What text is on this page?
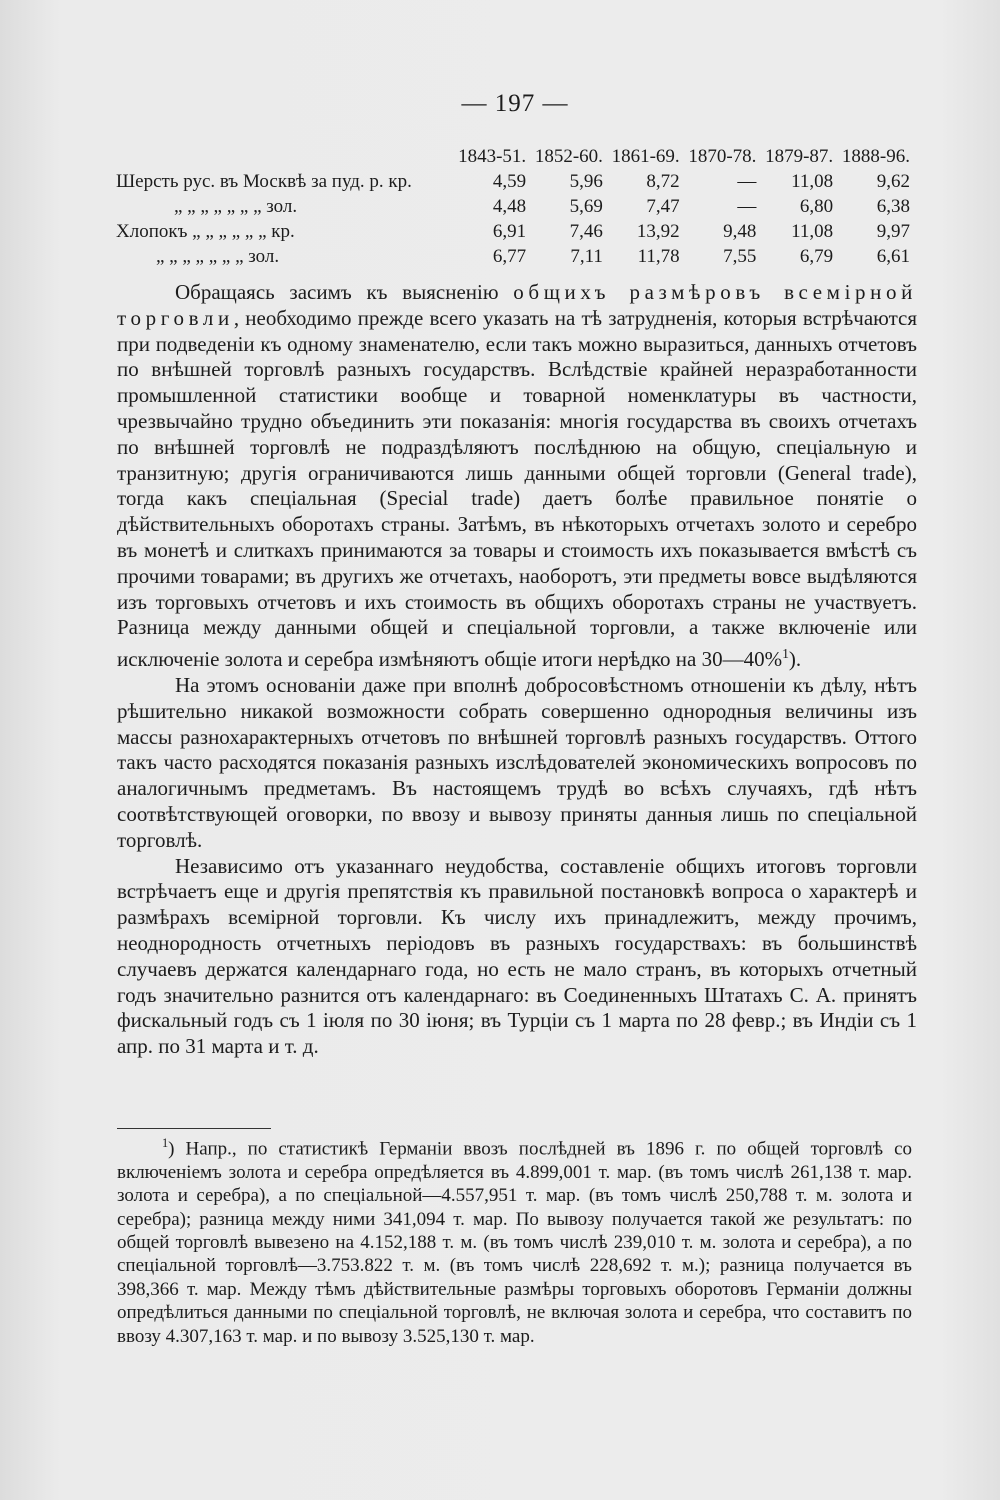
— 197 —
	1843-51.	1852-60.	1861-69.	1870-78.	1879-87.	1888-96.
Шерсть рус. въ Москвѣ за пуд. р. кр.	4,59	5,96	8,72	—	11,08	9,62
„ „ „ „ „ „ „ зол.	4,48	5,69	7,47	—	6,80	6,38
Хлопокъ „ „ „ „ „ „ кр.	6,91	7,46	13,92	9,48	11,08	9,97
„ „ „ „ „ „ „ зол.	6,77	7,11	11,78	7,55	6,79	6,61

Обращаясь засимъ къ выясненію общихъ размѣровъ всемірной торговли, необходимо прежде всего указать на тѣ затрудненія, которыя встрѣчаются при подведеніи къ одному знаменателю, если такъ можно выразиться, данныхъ отчетовъ по внѣшней торговлѣ разныхъ государствъ. Вслѣдствіе крайней неразработанности промышленной статистики вообще и товарной номенклатуры въ частности, чрезвычайно трудно объединить эти показанія: многія государства въ своихъ отчетахъ по внѣшней торговлѣ не подраздѣляютъ послѣднюю на общую, спеціальную и транзитную; другія ограничиваются лишь данными общей торговли (General trade), тогда какъ спеціальная (Special trade) даетъ болѣе правильное понятіе о дѣйствительныхъ оборотахъ страны. Затѣмъ, въ нѣкоторыхъ отчетахъ золото и серебро въ монетѣ и слиткахъ принимаются за товары и стоимость ихъ показывается вмѣстѣ съ прочими товарами; въ другихъ же отчетахъ, наоборотъ, эти предметы вовсе выдѣляются изъ торговыхъ отчетовъ и ихъ стоимость въ общихъ оборотахъ страны не участвуетъ. Разница между данными общей и спеціальной торговли, а также включеніе или исключеніе золота и серебра измѣняютъ общіе итоги нерѣдко на 30—40%$^1$).

На этомъ основаніи даже при вполнѣ добросовѣстномъ отношеніи къ дѣлу, нѣтъ рѣшительно никакой возможности собрать совершенно однородныя величины изъ массы разнохарактерныхъ отчетовъ по внѣшней торговлѣ разныхъ государствъ. Оттого такъ часто расходятся показанія разныхъ изслѣдователей экономическихъ вопросовъ по аналогичнымъ предметамъ. Въ настоящемъ трудѣ во всѣхъ случаяхъ, гдѣ нѣтъ соотвѣтствующей оговорки, по ввозу и вывозу приняты данныя лишь по спеціальной торговлѣ.

Независимо отъ указаннаго неудобства, составленіе общихъ итоговъ торговли встрѣчаетъ еще и другія препятствія къ правильной постановкѣ вопроса о характерѣ и размѣрахъ всемірной торговли. Къ числу ихъ принадлежитъ, между прочимъ, неоднородность отчетныхъ періодовъ въ разныхъ государствахъ: въ большинствѣ случаевъ держатся календарнаго года, но есть не мало странъ, въ которыхъ отчетный годъ значительно разнится отъ календарнаго: въ Соединенныхъ Штатахъ С. А. принятъ фискальный годъ съ 1 іюля по 30 іюня; въ Турціи съ 1 марта по 28 февр.; въ Индіи съ 1 апр. по 31 марта и т. д.

$^1$) Напр., по статистикѣ Германіи ввозъ послѣдней въ 1896 г. по общей торговлѣ со включеніемъ золота и серебра опредѣляется въ 4.899,001 т. мар. (въ томъ числѣ 261,138 т. мар. золота и серебра), а по спеціальной—4.557,951 т. мар. (въ томъ числѣ 250,788 т. м. золота и серебра); разница между ними 341,094 т. мар. По вывозу получается такой же результатъ: по общей торговлѣ вывезено на 4.152,188 т. м. (въ томъ числѣ 239,010 т. м. золота и серебра), а по спеціальной торговлѣ—3.753.822 т. м. (въ томъ числѣ 228,692 т. м.); разница получается въ 398,366 т. мар. Между тѣмъ дѣйствительные размѣры торговыхъ оборотовъ Германіи должны опредѣлиться данными по спеціальной торговлѣ, не включая золота и серебра, что составитъ по ввозу 4.307,163 т. мар. и по вывозу 3.525,130 т. мар.
